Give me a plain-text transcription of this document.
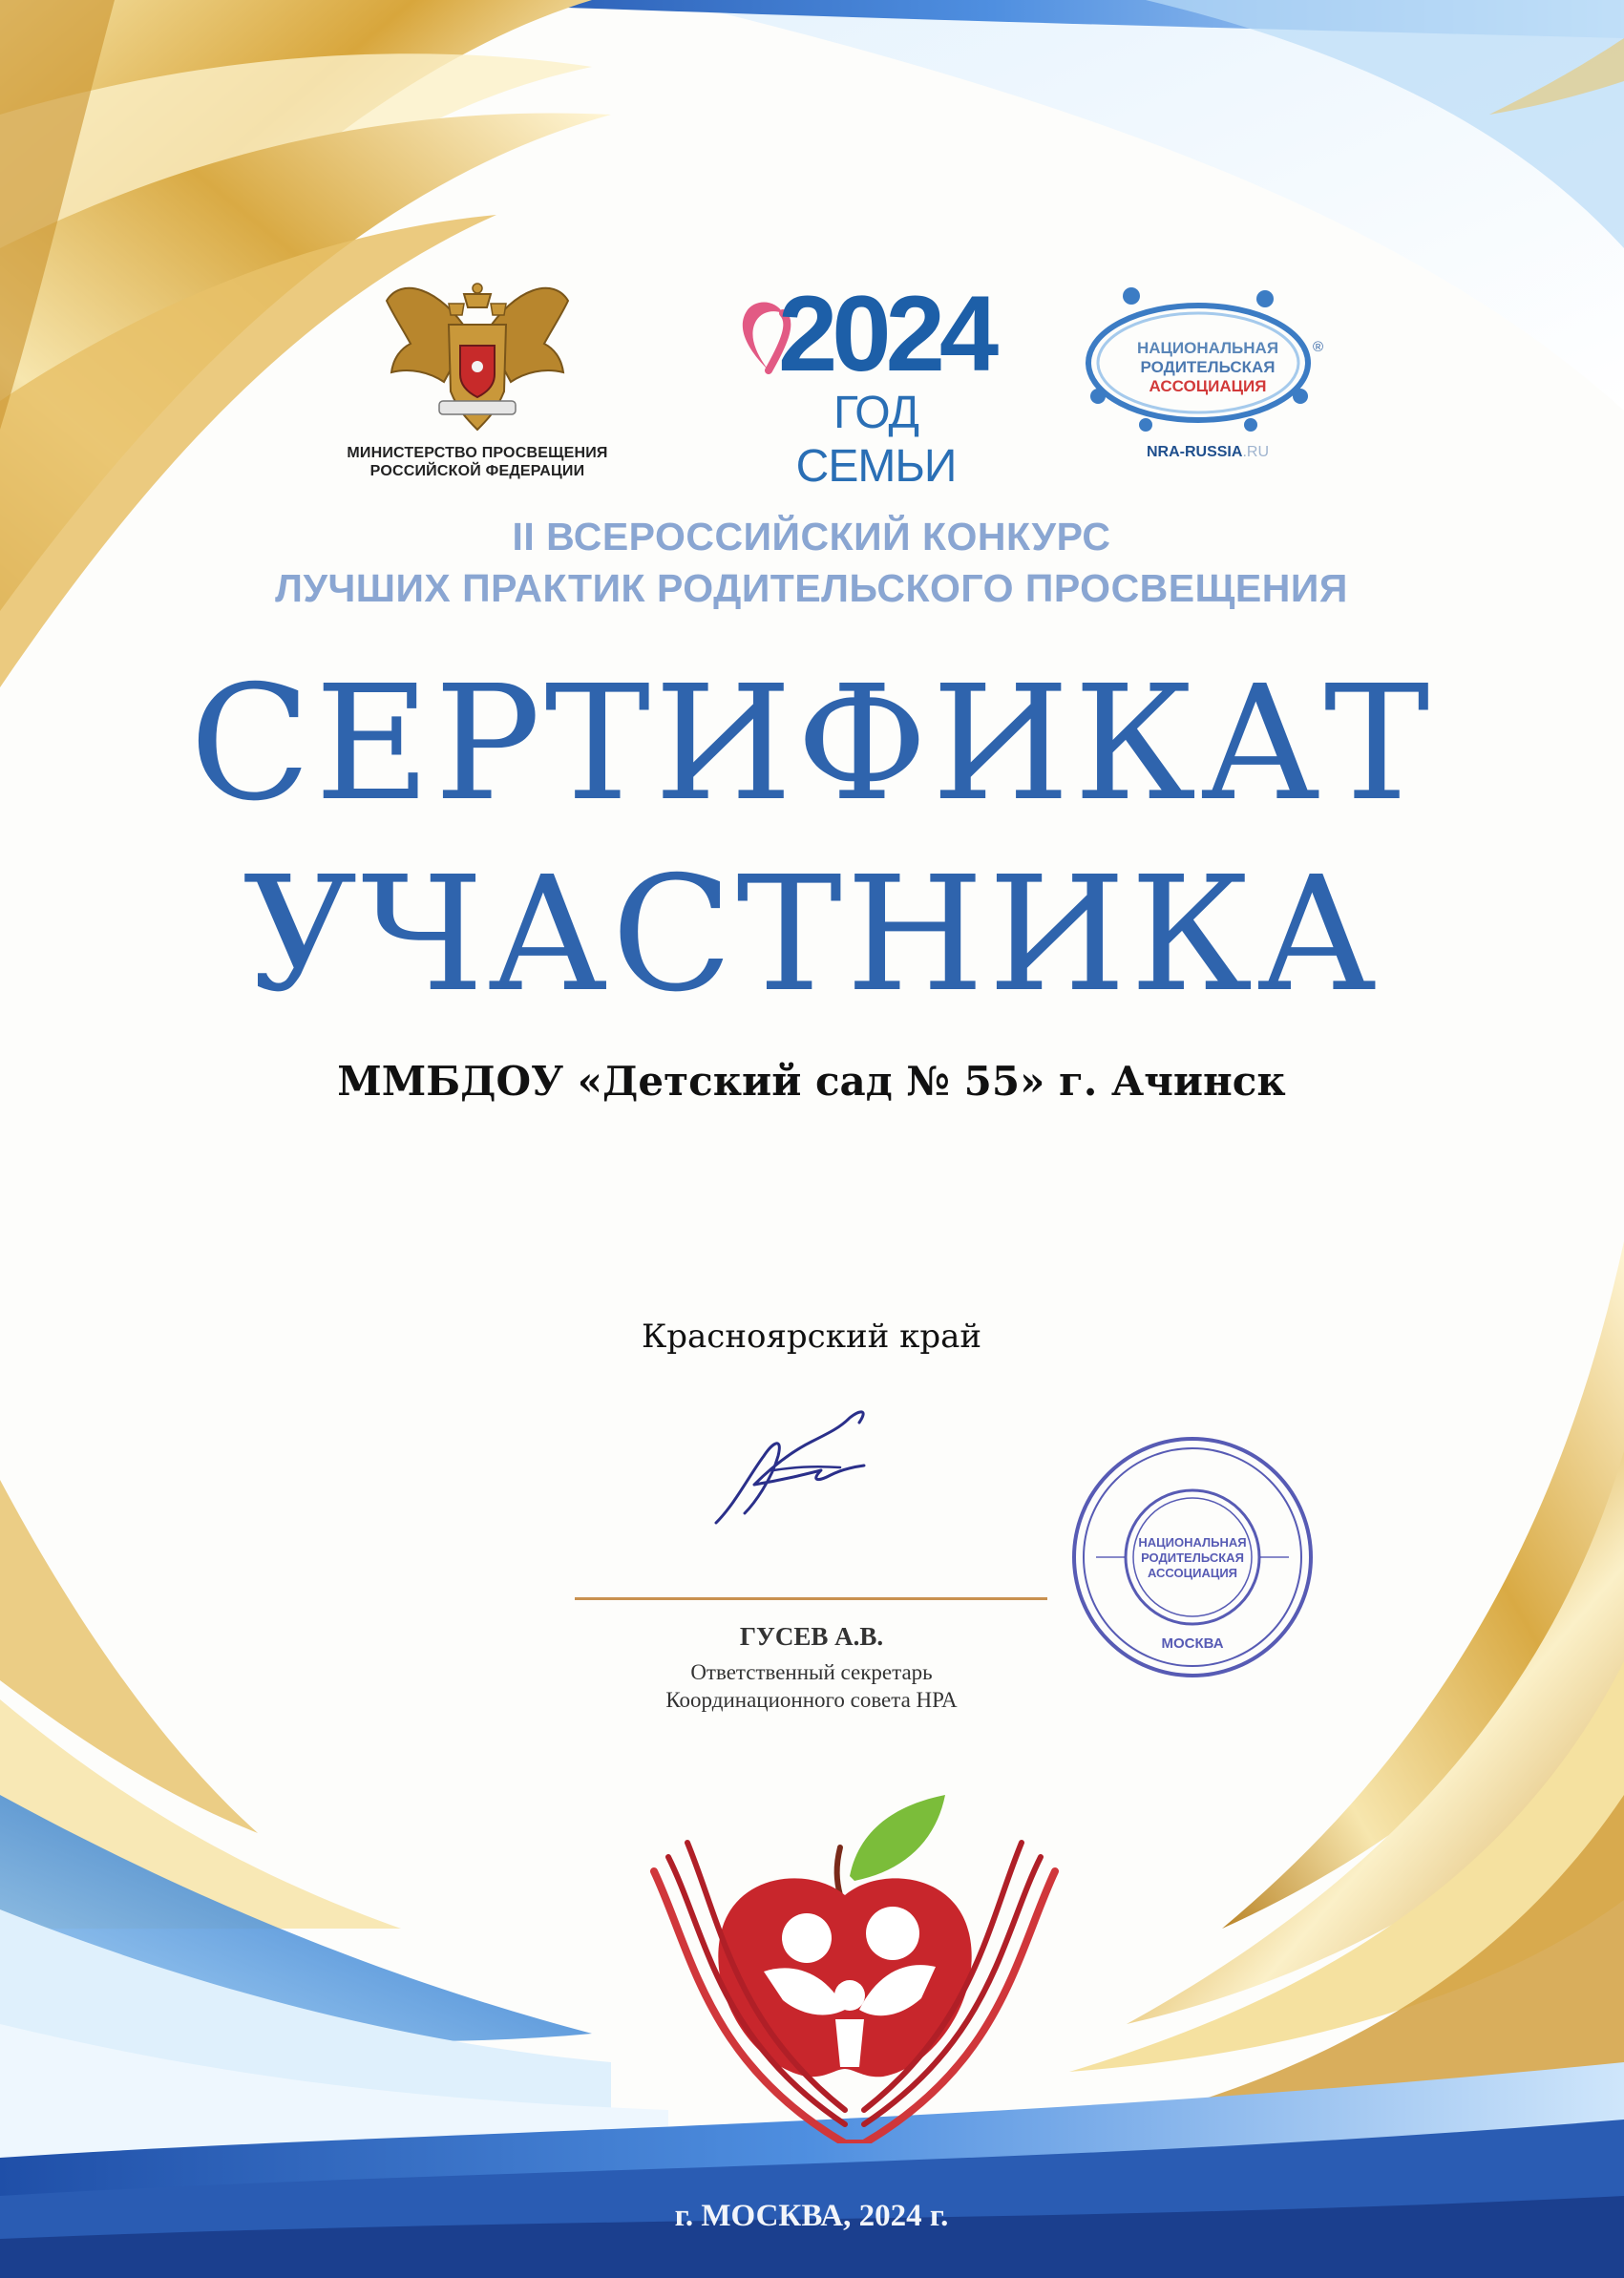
МИНИСТЕРСТВО ПРОСВЕЩЕНИЯ
РОССИЙСКОЙ ФЕДЕРАЦИИ
2024
ГОД СЕМЬИ
НАЦИОНАЛЬНАЯ
РОДИТЕЛЬСКАЯ
АССОЦИАЦИЯ
®
NRA-RUSSIA.RU
II ВСЕРОССИЙСКИЙ КОНКУРС
ЛУЧШИХ ПРАКТИК РОДИТЕЛЬСКОГО ПРОСВЕЩЕНИЯ
СЕРТИФИКАТ
УЧАСТНИКА
ММБДОУ «Детский сад № 55» г. Ачинск
Красноярский край
НАЦИОНАЛЬНАЯ
РОДИТЕЛЬСКАЯ
АССОЦИАЦИЯ
МОСКВА
ГУСЕВ А.В.
Ответственный секретарь
Координационного совета НРА
г. МОСКВА, 2024 г.
